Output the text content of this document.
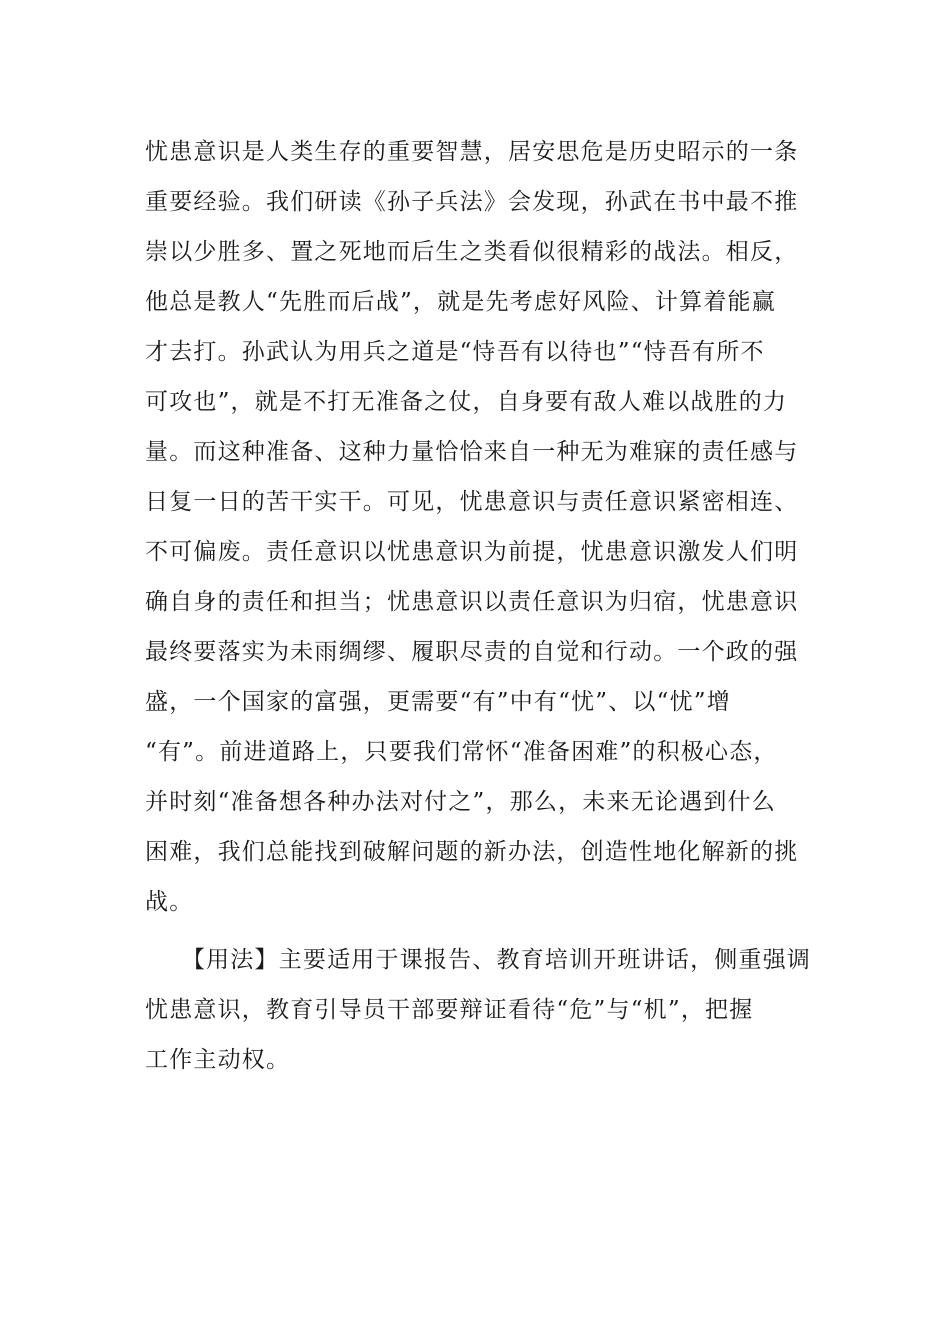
忧患意识是人类生存的重要智慧，居安思危是历史昭示的一条
重要经验。我们研读《孙子兵法》会发现，孙武在书中最不推
崇以少胜多、置之死地而后生之类看似很精彩的战法。相反，
他总是教人“先胜而后战”，就是先考虑好风险、计算着能赢
才去打。孙武认为用兵之道是“恃吾有以待也”“恃吾有所不
可攻也”，就是不打无准备之仗，自身要有敌人难以战胜的力
量。而这种准备、这种力量恰恰来自一种无为难寐的责任感与
日复一日的苦干实干。可见，忧患意识与责任意识紧密相连、
不可偏废。责任意识以忧患意识为前提，忧患意识激发人们明
确自身的责任和担当；忧患意识以责任意识为归宿，忧患意识
最终要落实为未雨绸缪、履职尽责的自觉和行动。一个政的强
盛，一个国家的富强，更需要“有”中有“忧”、以“忧”增
“有”。前进道路上，只要我们常怀“准备困难”的积极心态，
并时刻“准备想各种办法对付之”，那么，未来无论遇到什么
困难，我们总能找到破解问题的新办法，创造性地化解新的挑
战。
　　【用法】主要适用于课报告、教育培训开班讲话，侧重强调
忧患意识，教育引导员干部要辩证看待“危”与“机”，把握
工作主动权。
